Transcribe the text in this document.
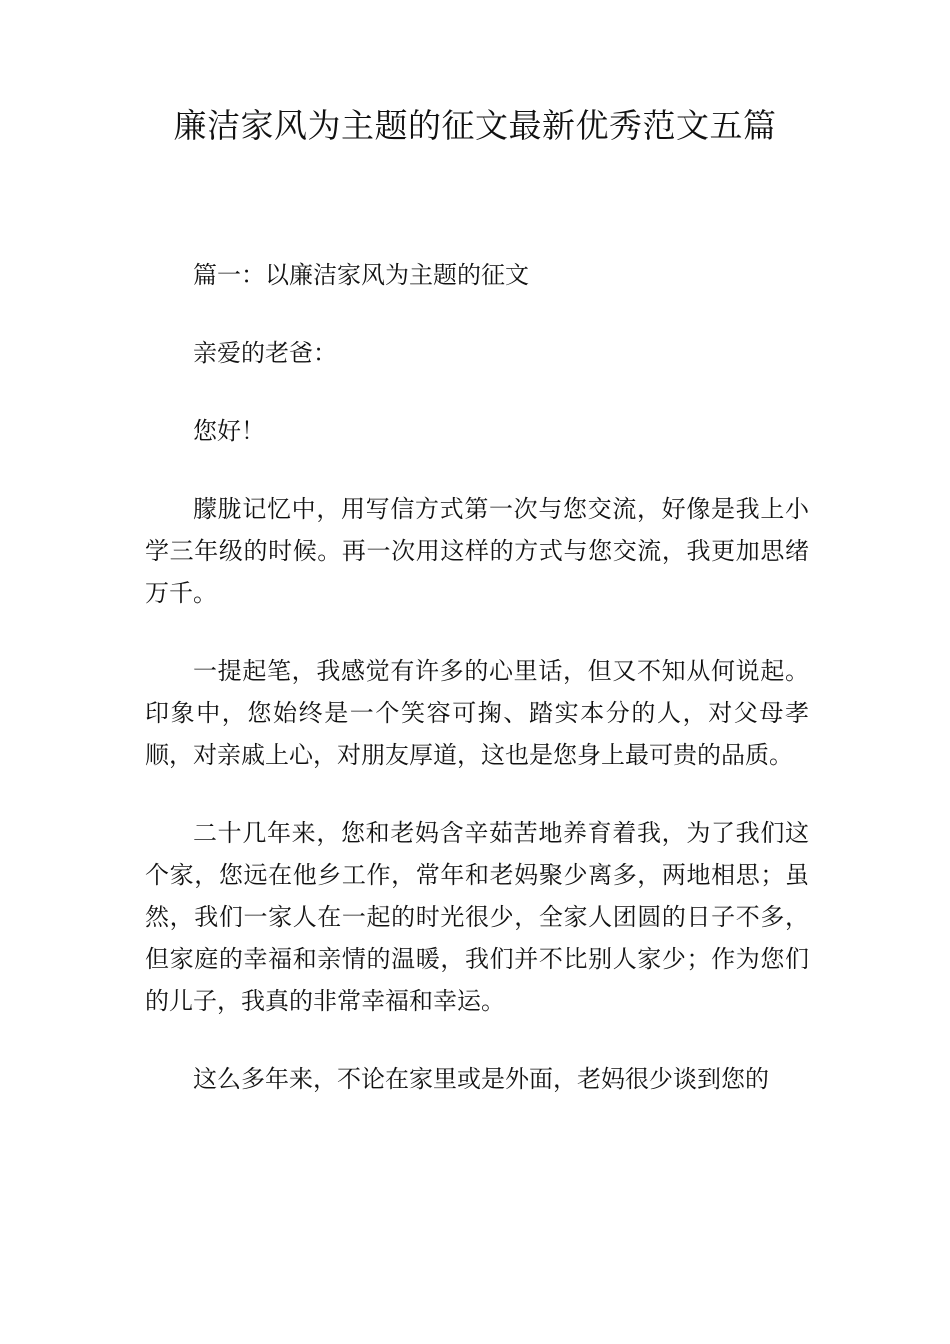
廉洁家风为主题的征文最新优秀范文五篇

篇一：以廉洁家风为主题的征文

亲爱的老爸：

您好！

朦胧记忆中，用写信方式第一次与您交流，好像是我上小学三年级的时候。再一次用这样的方式与您交流，我更加思绪万千。

一提起笔，我感觉有许多的心里话，但又不知从何说起。印象中，您始终是一个笑容可掬、踏实本分的人，对父母孝顺，对亲戚上心，对朋友厚道，这也是您身上最可贵的品质。

二十几年来，您和老妈含辛茹苦地养育着我，为了我们这个家，您远在他乡工作，常年和老妈聚少离多，两地相思；虽然，我们一家人在一起的时光很少，全家人团圆的日子不多，但家庭的幸福和亲情的温暖，我们并不比别人家少；作为您们的儿子，我真的非常幸福和幸运。

这么多年来，不论在家里或是外面，老妈很少谈到您的
